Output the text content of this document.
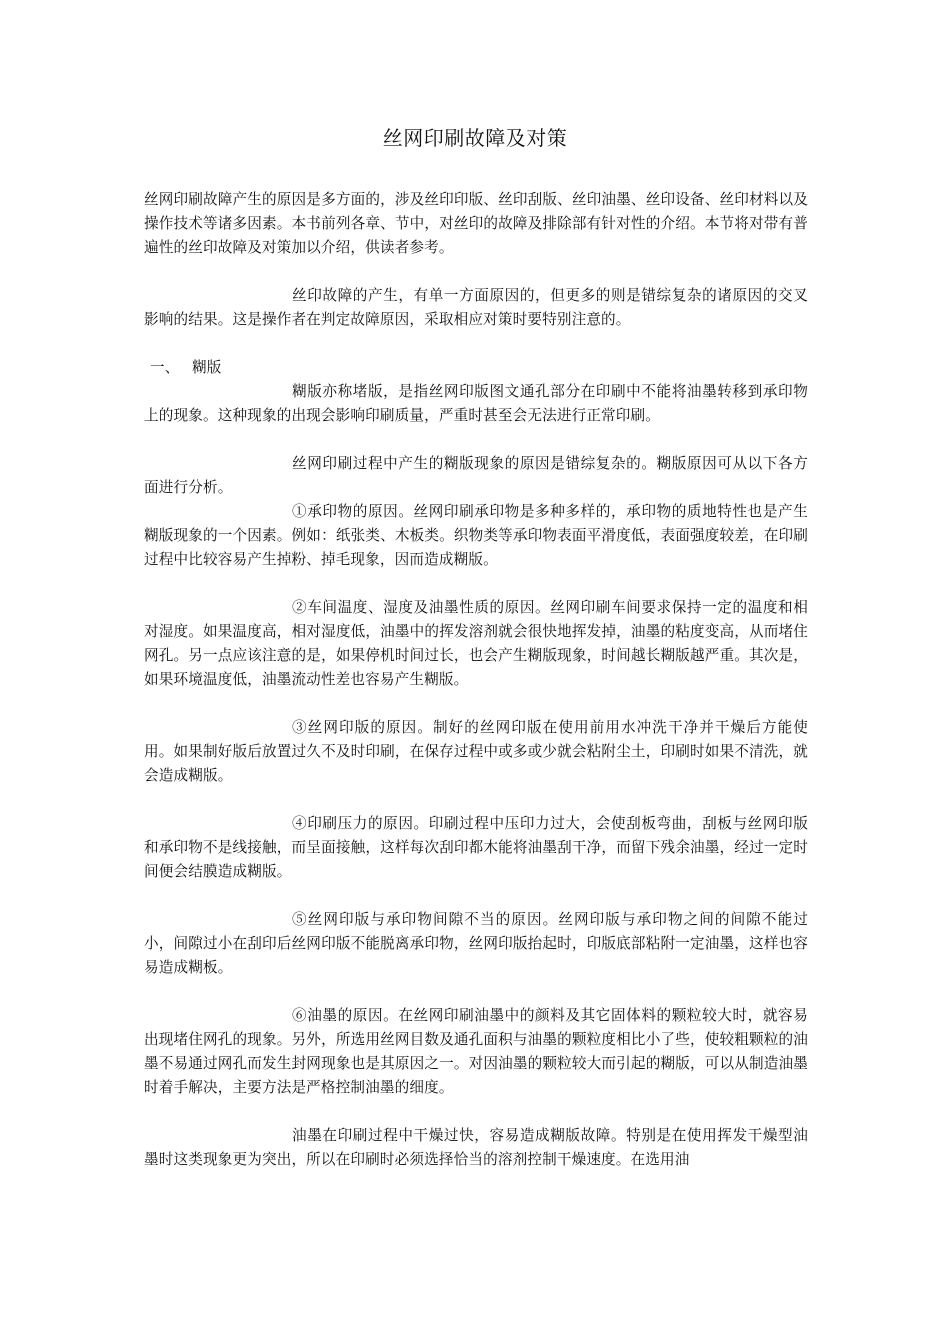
丝网印刷故障及对策

丝网印刷故障产生的原因是多方面的，涉及丝印印版、丝印刮版、丝印油墨、丝印设备、丝印材料以及操作技术等诸多因素。本书前列各章、节中，对丝印的故障及排除部有针对性的介绍。本节将对带有普遍性的丝印故障及对策加以介绍，供读者参考。

丝印故障的产生，有单一方面原因的，但更多的则是错综复杂的诸原因的交叉影响的结果。这是操作者在判定故障原因，采取相应对策时要特别注意的。

一、 糊版

糊版亦称堵版，是指丝网印版图文通孔部分在印刷中不能将油墨转移到承印物上的现象。这种现象的出现会影响印刷质量，严重时甚至会无法进行正常印刷。

丝网印刷过程中产生的糊版现象的原因是错综复杂的。糊版原因可从以下各方面进行分析。

①承印物的原因。丝网印刷承印物是多种多样的，承印物的质地特性也是产生糊版现象的一个因素。例如：纸张类、木板类。织物类等承印物表面平滑度低，表面强度较差，在印刷过程中比较容易产生掉粉、掉毛现象，因而造成糊版。

②车间温度、湿度及油墨性质的原因。丝网印刷车间要求保持一定的温度和相对湿度。如果温度高，相对湿度低，油墨中的挥发溶剂就会很快地挥发掉，油墨的粘度变高，从而堵住网孔。另一点应该注意的是，如果停机时间过长，也会产生糊版现象，时间越长糊版越严重。其次是，如果环境温度低，油墨流动性差也容易产生糊版。

③丝网印版的原因。制好的丝网印版在使用前用水冲洗干净并干燥后方能使用。如果制好版后放置过久不及时印刷，在保存过程中或多或少就会粘附尘土，印刷时如果不清洗，就会造成糊版。

④印刷压力的原因。印刷过程中压印力过大，会使刮板弯曲，刮板与丝网印版和承印物不是线接触，而呈面接触，这样每次刮印都木能将油墨刮干净，而留下残余油墨，经过一定时间便会结膜造成糊版。

⑤丝网印版与承印物间隙不当的原因。丝网印版与承印物之间的间隙不能过小，间隙过小在刮印后丝网印版不能脱离承印物，丝网印版抬起时，印版底部粘附一定油墨，这样也容易造成糊板。

⑥油墨的原因。在丝网印刷油墨中的颜料及其它固体料的颗粒较大时，就容易出现堵住网孔的现象。另外，所选用丝网目数及通孔面积与油墨的颗粒度相比小了些，使较粗颗粒的油墨不易通过网孔而发生封网现象也是其原因之一。对因油墨的颗粒较大而引起的糊版，可以从制造油墨时着手解决，主要方法是严格控制油墨的细度。

油墨在印刷过程中干燥过快，容易造成糊版故障。特别是在使用挥发干燥型油墨时这类现象更为突出，所以在印刷时必须选择恰当的溶剂控制干燥速度。在选用油
